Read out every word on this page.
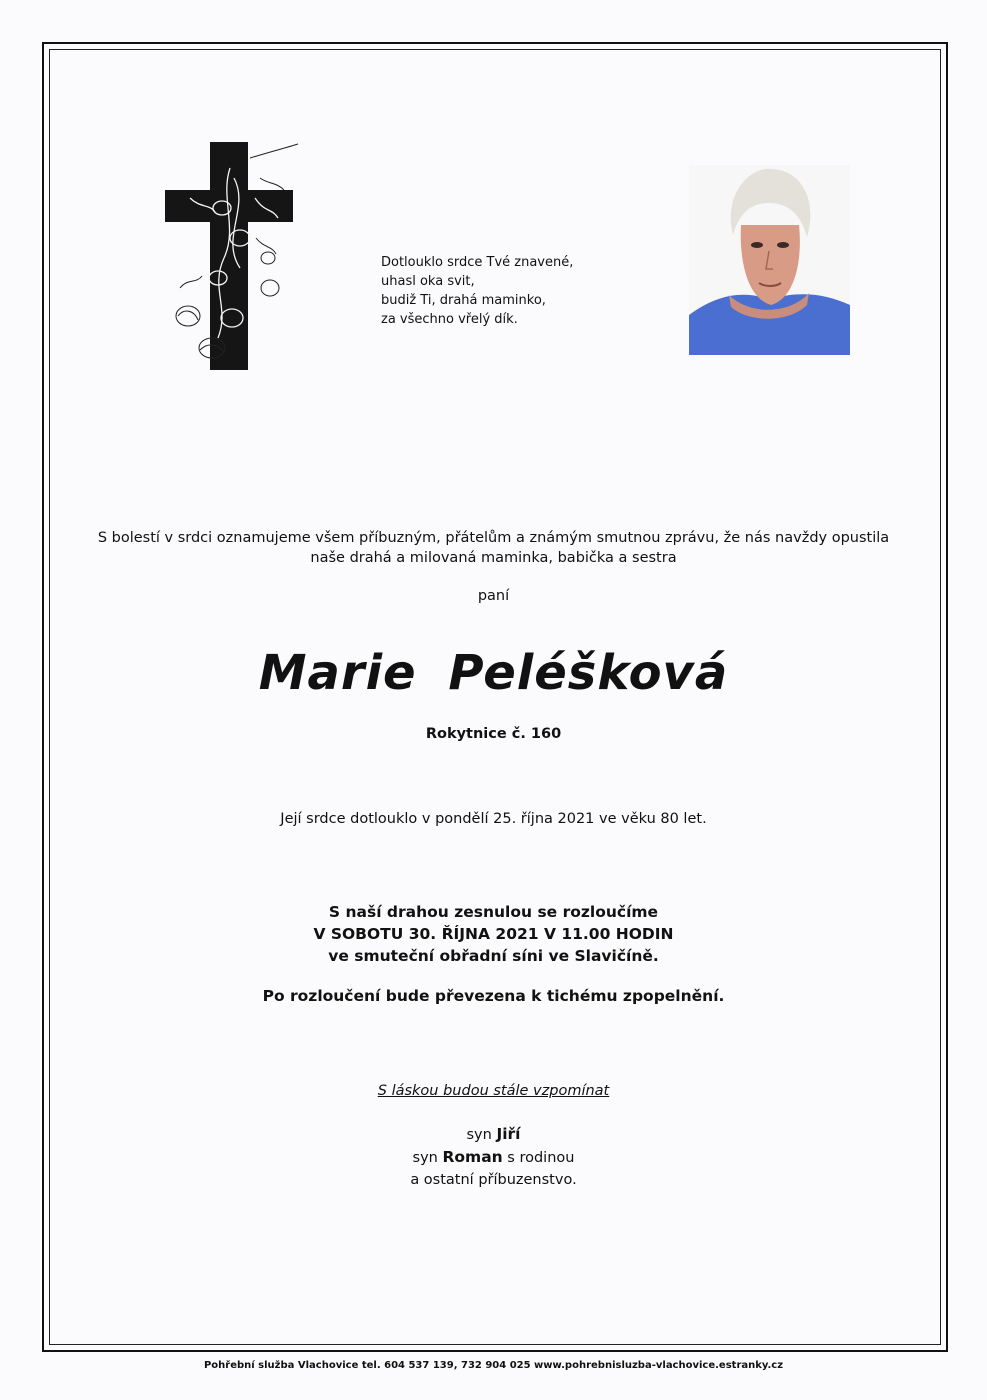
Dotlouklo srdce Tvé znavené,
uhasl oka svit,
budiž Ti, drahá maminko,
za všechno vřelý dík.
S bolestí v srdci oznamujeme všem příbuzným, přátelům a známým smutnou zprávu, že nás navždy opustila
naše drahá a milovaná maminka, babička a sestra
paní
Marie Peléšková
Rokytnice č. 160
Její srdce dotlouklo v pondělí 25. října 2021 ve věku 80 let.
S naší drahou zesnulou se rozloučíme
V SOBOTU 30. ŘÍJNA 2021 V 11.00 HODIN
ve smuteční obřadní síni ve Slavičíně.
Po rozloučení bude převezena k tichému zpopelnění.
S láskou budou stále vzpomínat
syn Jiří
syn Roman s rodinou
a ostatní příbuzenstvo.
Pohřební služba Vlachovice tel. 604 537 139, 732 904 025 www.pohrebnisluzba-vlachovice.estranky.cz
